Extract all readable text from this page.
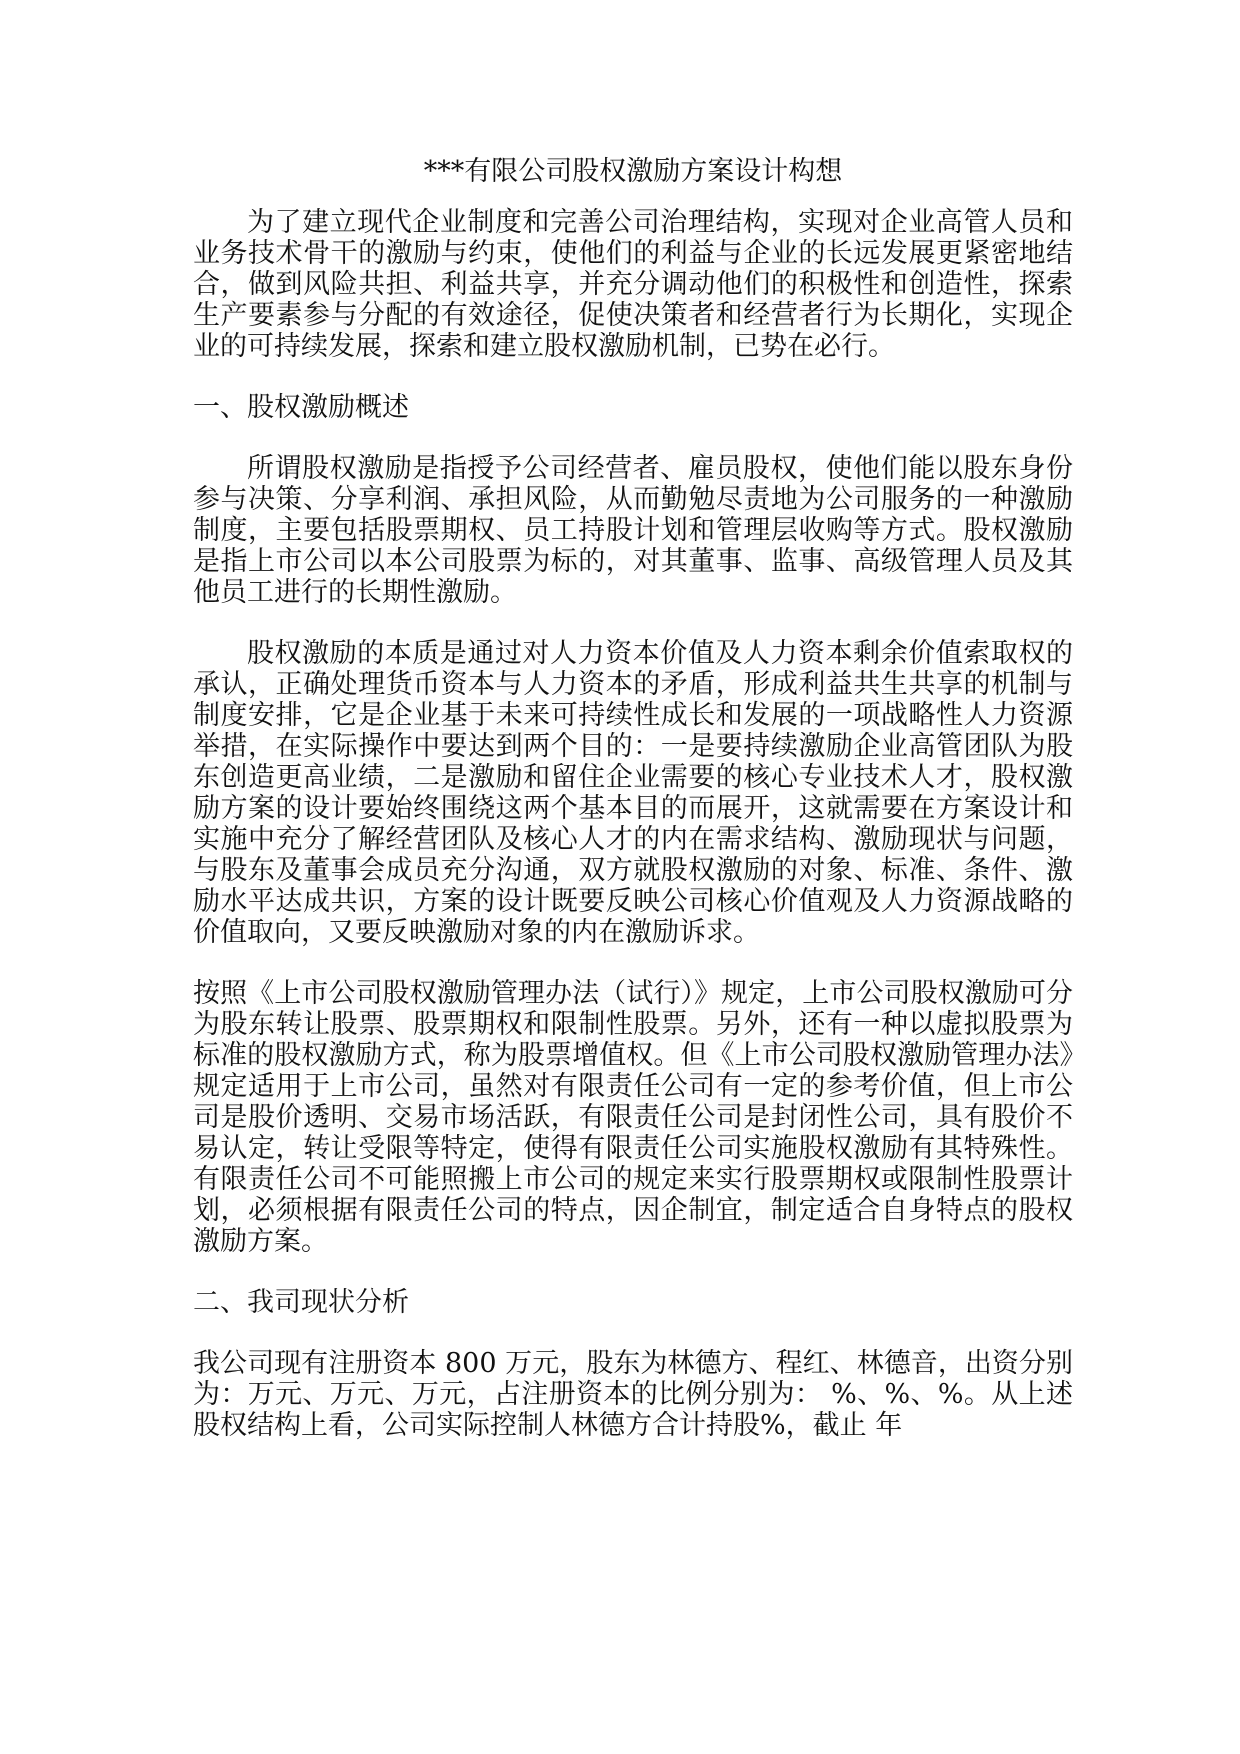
***有限公司股权激励方案设计构想

为了建立现代企业制度和完善公司治理结构，实现对企业高管人员和业务技术骨干的激励与约束，使他们的利益与企业的长远发展更紧密地结合，做到风险共担、利益共享，并充分调动他们的积极性和创造性，探索生产要素参与分配的有效途径，促使决策者和经营者行为长期化，实现企业的可持续发展，探索和建立股权激励机制，已势在必行。

一、股权激励概述

所谓股权激励是指授予公司经营者、雇员股权，使他们能以股东身份参与决策、分享利润、承担风险，从而勤勉尽责地为公司服务的一种激励制度，主要包括股票期权、员工持股计划和管理层收购等方式。股权激励是指上市公司以本公司股票为标的，对其董事、监事、高级管理人员及其他员工进行的长期性激励。

股权激励的本质是通过对人力资本价值及人力资本剩余价值索取权的承认，正确处理货币资本与人力资本的矛盾，形成利益共生共享的机制与制度安排，它是企业基于未来可持续性成长和发展的一项战略性人力资源举措，在实际操作中要达到两个目的：一是要持续激励企业高管团队为股东创造更高业绩，二是激励和留住企业需要的核心专业技术人才，股权激励方案的设计要始终围绕这两个基本目的而展开，这就需要在方案设计和实施中充分了解经营团队及核心人才的内在需求结构、激励现状与问题，与股东及董事会成员充分沟通，双方就股权激励的对象、标准、条件、激励水平达成共识，方案的设计既要反映公司核心价值观及人力资源战略的价值取向，又要反映激励对象的内在激励诉求。

按照《上市公司股权激励管理办法（试行）》规定，上市公司股权激励可分为股东转让股票、股票期权和限制性股票。另外，还有一种以虚拟股票为标准的股权激励方式，称为股票增值权。但《上市公司股权激励管理办法》规定适用于上市公司，虽然对有限责任公司有一定的参考价值，但上市公司是股价透明、交易市场活跃，有限责任公司是封闭性公司，具有股价不易认定，转让受限等特定，使得有限责任公司实施股权激励有其特殊性。有限责任公司不可能照搬上市公司的规定来实行股票期权或限制性股票计划，必须根据有限责任公司的特点，因企制宜，制定适合自身特点的股权激励方案。

二、我司现状分析

我公司现有注册资本 800 万元，股东为林德方、程红、林德音，出资分别为：万元、万元、万元，占注册资本的比例分别为： %、%、%。从上述股权结构上看，公司实际控制人林德方合计持股%，截止 年
